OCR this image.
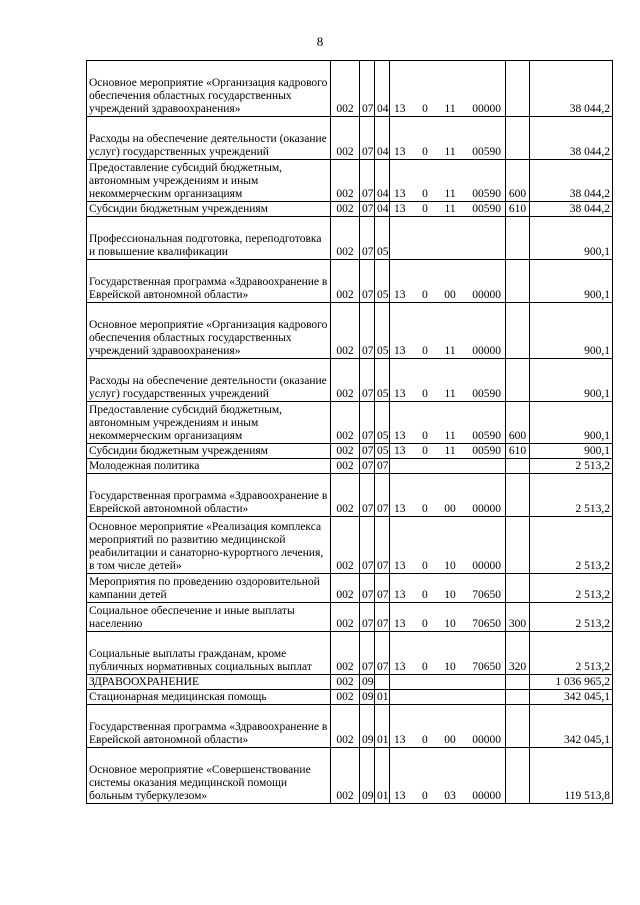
8
Основное мероприятие «Организация кадрового обеспечения областных государственных учреждений здравоохранения»	002	07	04	13 0 11 00000		38 044,2
Расходы на обеспечение деятельности (оказание услуг) государственных учреждений	002	07	04	13 0 11 00590		38 044,2
Предоставление субсидий бюджетным, автономным учреждениям и иным некоммерческим организациям	002	07	04	13 0 11 00590	600	38 044,2
Субсидии бюджетным учреждениям	002	07	04	13 0 11 00590	610	38 044,2
Профессиональная подготовка, переподготовка и повышение квалификации	002	07	05			900,1
Государственная программа «Здравоохранение в Еврейской автономной области»	002	07	05	13 0 00 00000		900,1
Основное мероприятие «Организация кадрового обеспечения областных государственных учреждений здравоохранения»	002	07	05	13 0 11 00000		900,1
Расходы на обеспечение деятельности (оказание услуг) государственных учреждений	002	07	05	13 0 11 00590		900,1
Предоставление субсидий бюджетным, автономным учреждениям и иным некоммерческим организациям	002	07	05	13 0 11 00590	600	900,1
Субсидии бюджетным учреждениям	002	07	05	13 0 11 00590	610	900,1
Молодежная политика	002	07	07			2 513,2
Государственная программа «Здравоохранение в Еврейской автономной области»	002	07	07	13 0 00 00000		2 513,2
Основное мероприятие «Реализация комплекса мероприятий по развитию медицинской реабилитации и санаторно-курортного лечения, в том числе детей»	002	07	07	13 0 10 00000		2 513,2
Мероприятия по проведению оздоровительной кампании детей	002	07	07	13 0 10 70650		2 513,2
Социальное обеспечение и иные выплаты населению	002	07	07	13 0 10 70650	300	2 513,2
Социальные выплаты гражданам, кроме публичных нормативных социальных выплат	002	07	07	13 0 10 70650	320	2 513,2
ЗДРАВООХРАНЕНИЕ	002	09				1 036 965,2
Стационарная медицинская помощь	002	09	01			342 045,1
Государственная программа «Здравоохранение в Еврейской автономной области»	002	09	01	13 0 00 00000		342 045,1
Основное мероприятие «Совершенствование системы оказания медицинской помощи больным туберкулезом»	002	09	01	13 0 03 00000		119 513,8
